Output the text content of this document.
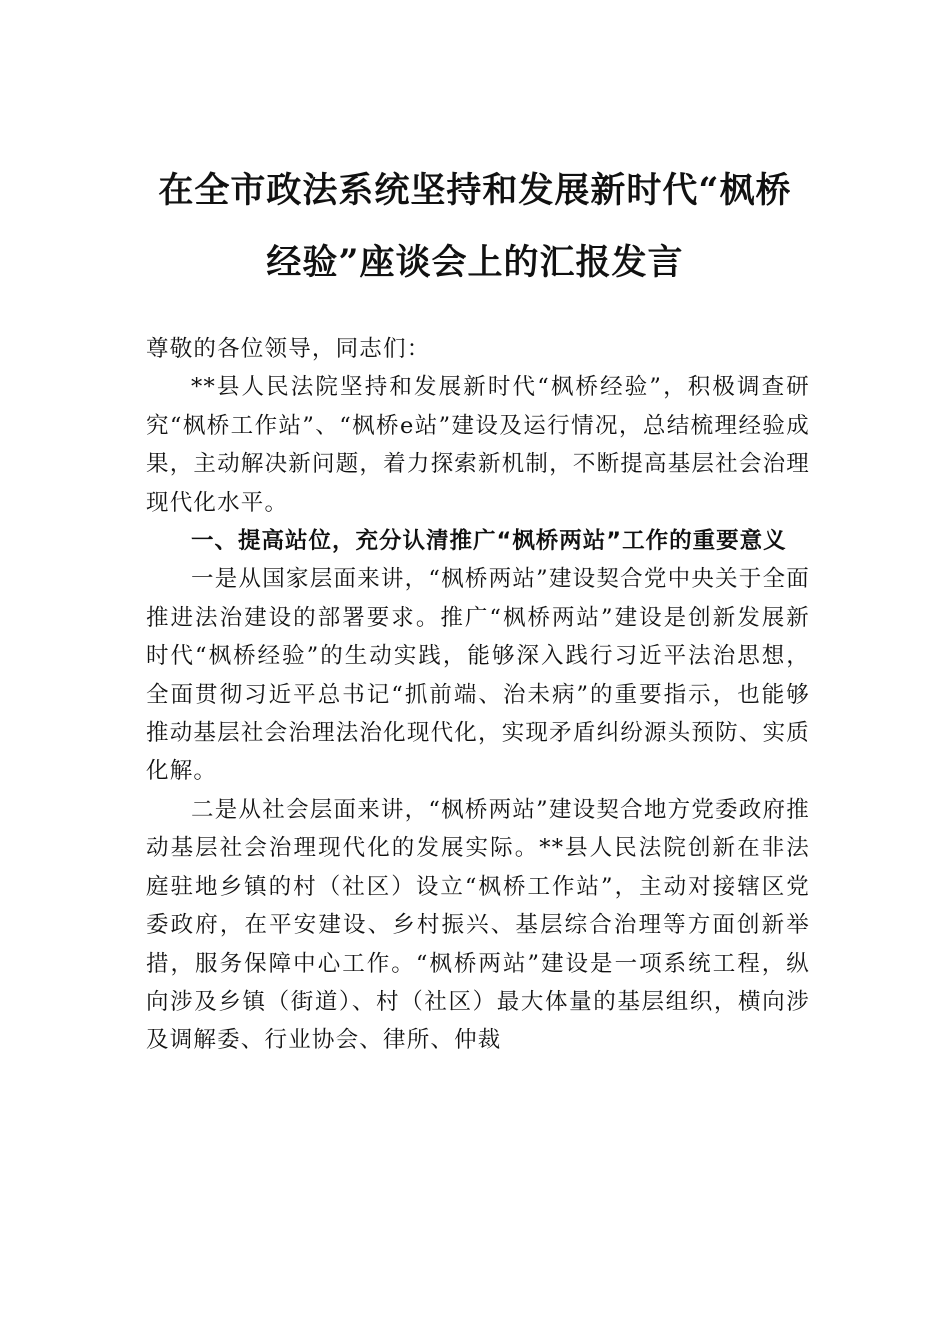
在全市政法系统坚持和发展新时代“枫桥
经验”座谈会上的汇报发言

尊敬的各位领导，同志们：

**县人民法院坚持和发展新时代“枫桥经验”，积极调查研究“枫桥工作站”、“枫桥e站”建设及运行情况，总结梳理经验成果，主动解决新问题，着力探索新机制，不断提高基层社会治理现代化水平。

一、提高站位，充分认清推广“枫桥两站”工作的重要意义

一是从国家层面来讲，“枫桥两站”建设契合党中央关于全面推进法治建设的部署要求。推广“枫桥两站”建设是创新发展新时代“枫桥经验”的生动实践，能够深入践行习近平法治思想，全面贯彻习近平总书记“抓前端、治未病”的重要指示，也能够推动基层社会治理法治化现代化，实现矛盾纠纷源头预防、实质化解。

二是从社会层面来讲，“枫桥两站”建设契合地方党委政府推动基层社会治理现代化的发展实际。**县人民法院创新在非法庭驻地乡镇的村（社区）设立“枫桥工作站”，主动对接辖区党委政府，在平安建设、乡村振兴、基层综合治理等方面创新举措，服务保障中心工作。“枫桥两站”建设是一项系统工程，纵向涉及乡镇（街道）、村（社区）最大体量的基层组织，横向涉及调解委、行业协会、律所、仲裁
